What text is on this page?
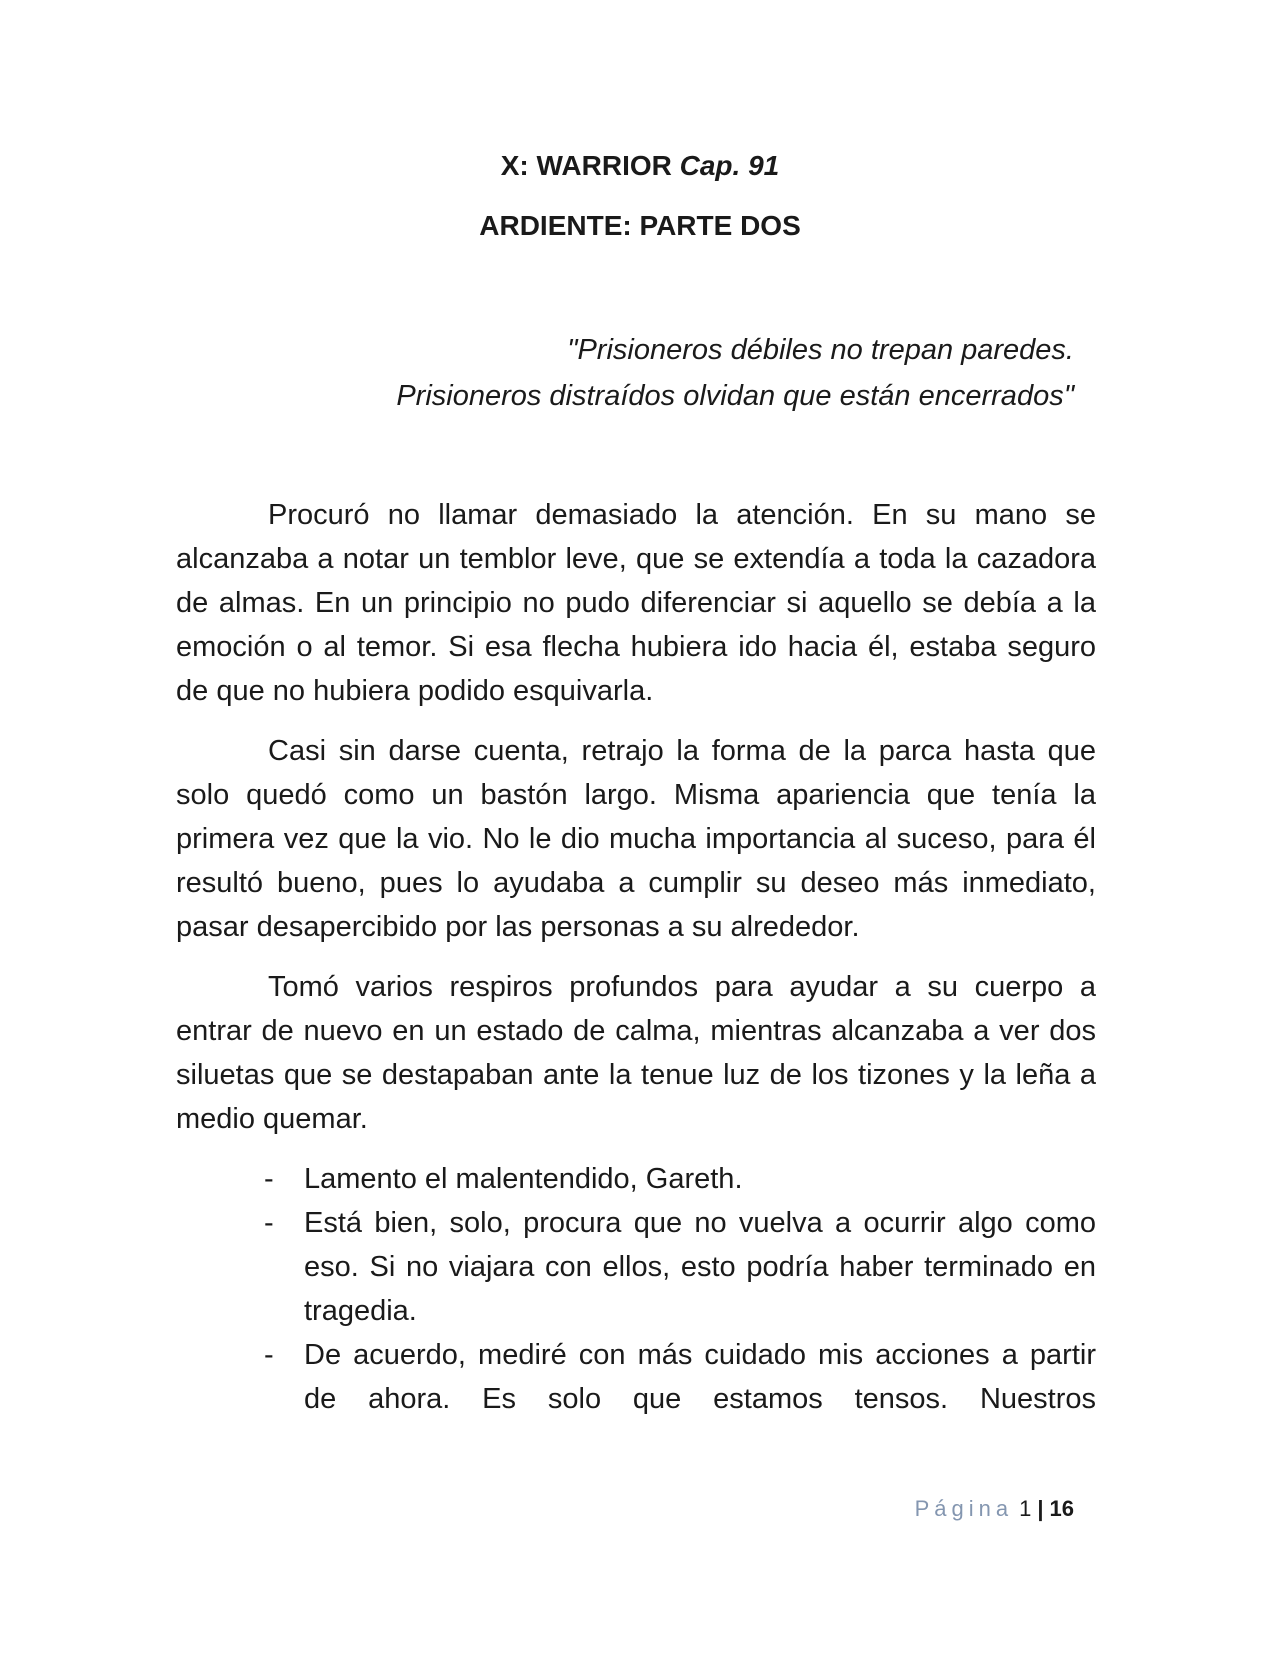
X: WARRIOR Cap. 91

ARDIENTE: PARTE DOS

"Prisioneros débiles no trepan paredes.

Prisioneros distraídos olvidan que están encerrados"

Procuró no llamar demasiado la atención. En su mano se alcanzaba a notar un temblor leve, que se extendía a toda la cazadora de almas. En un principio no pudo diferenciar si aquello se debía a la emoción o al temor. Si esa flecha hubiera ido hacia él, estaba seguro de que no hubiera podido esquivarla.

Casi sin darse cuenta, retrajo la forma de la parca hasta que solo quedó como un bastón largo. Misma apariencia que tenía la primera vez que la vio. No le dio mucha importancia al suceso, para él resultó bueno, pues lo ayudaba a cumplir su deseo más inmediato, pasar desapercibido por las personas a su alrededor.

Tomó varios respiros profundos para ayudar a su cuerpo a entrar de nuevo en un estado de calma, mientras alcanzaba a ver dos siluetas que se destapaban ante la tenue luz de los tizones y la leña a medio quemar.

- Lamento el malentendido, Gareth.
- Está bien, solo, procura que no vuelva a ocurrir algo como eso. Si no viajara con ellos, esto podría haber terminado en tragedia.
- De acuerdo, mediré con más cuidado mis acciones a partir de ahora. Es solo que estamos tensos. Nuestros
Página 1 | 16
